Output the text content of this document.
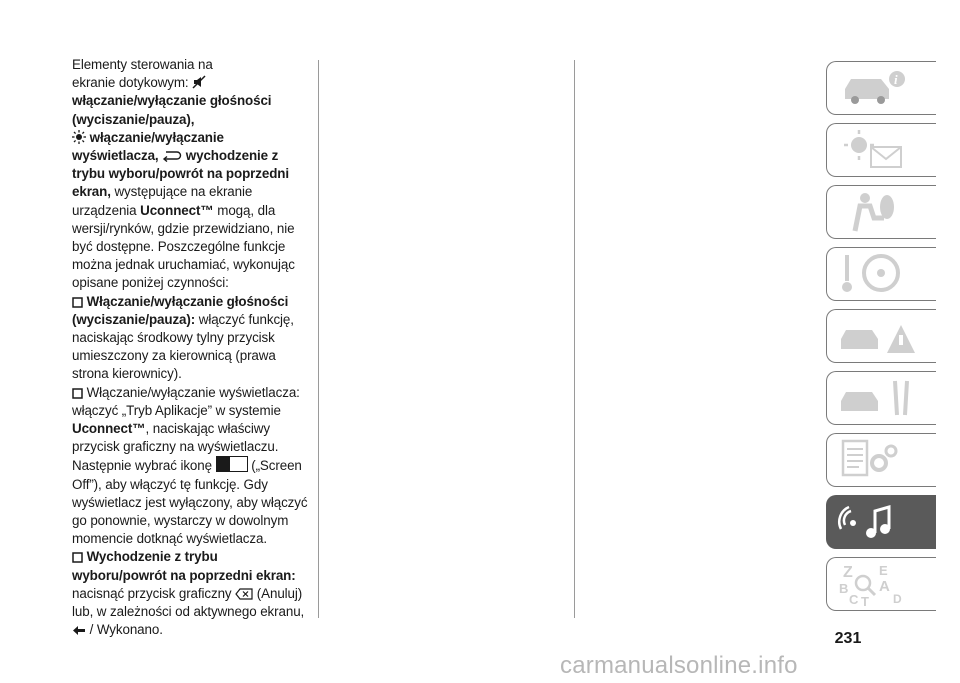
Elementy sterowania na
ekranie dotykowym:
włączanie/wyłączanie głośności (wyciszanie/pauza),
włączanie/wyłączanie wyświetlacza, wychodzenie z trybu wyboru/powrót na poprzedni ekran, występujące na ekranie urządzenia Uconnect™ mogą, dla wersji/rynków, gdzie przewidziano, nie być dostępne. Poszczególne funkcje można jednak uruchamiać, wykonując opisane poniżej czynności:

Włączanie/wyłączanie głośności (wyciszanie/pauza): włączyć funkcję, naciskając środkowy tylny przycisk umieszczony za kierownicą (prawa strona kierownicy).

Włączanie/wyłączanie wyświetlacza: włączyć „Tryb Aplikacje” w systemie Uconnect™, naciskając właściwy przycisk graficzny na wyświetlaczu. Następnie wybrać ikonę  („Screen Off”), aby włączyć tę funkcję. Gdy wyświetlacz jest wyłączony, aby włączyć go ponownie, wystarczy w dowolnym momencie dotknąć wyświetlacza.

Wychodzenie z trybu wyboru/powrót na poprzedni ekran: nacisnąć przycisk graficzny  (Anuluj) lub, w zależności od aktywnego ekranu,  / Wykonano.

i
Z E
B A
C T D
231
carmanualsonline.info
